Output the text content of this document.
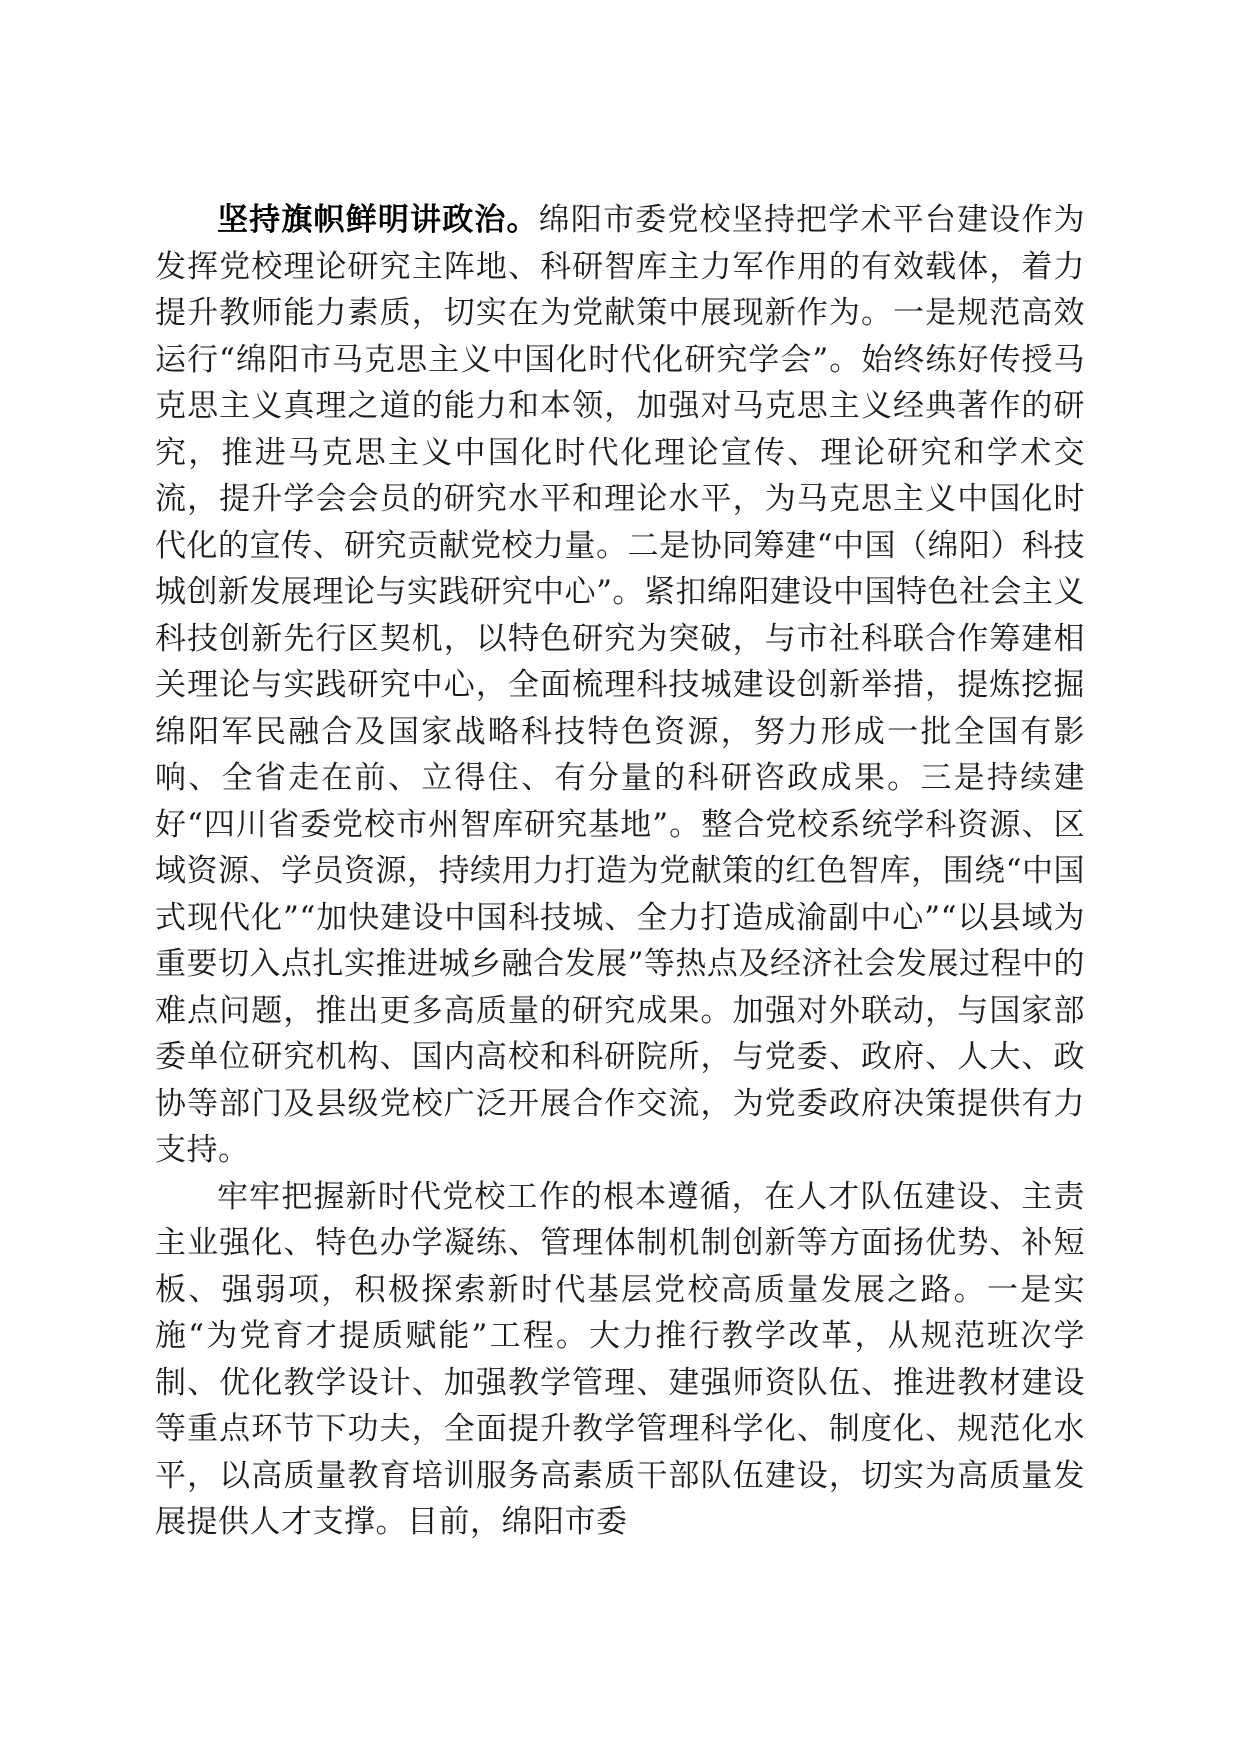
坚持旗帜鲜明讲政治。绵阳市委党校坚持把学术平台建设作为发挥党校理论研究主阵地、科研智库主力军作用的有效载体，着力提升教师能力素质，切实在为党献策中展现新作为。一是规范高效运行“绵阳市马克思主义中国化时代化研究学会”。始终练好传授马克思主义真理之道的能力和本领，加强对马克思主义经典著作的研究，推进马克思主义中国化时代化理论宣传、理论研究和学术交流，提升学会会员的研究水平和理论水平，为马克思主义中国化时代化的宣传、研究贡献党校力量。二是协同筹建“中国（绵阳）科技城创新发展理论与实践研究中心”。紧扣绵阳建设中国特色社会主义科技创新先行区契机，以特色研究为突破，与市社科联合作筹建相关理论与实践研究中心，全面梳理科技城建设创新举措，提炼挖掘绵阳军民融合及国家战略科技特色资源，努力形成一批全国有影响、全省走在前、立得住、有分量的科研咨政成果。三是持续建好“四川省委党校市州智库研究基地”。整合党校系统学科资源、区域资源、学员资源，持续用力打造为党献策的红色智库，围绕“中国式现代化”“加快建设中国科技城、全力打造成渝副中心”“以县域为重要切入点扎实推进城乡融合发展”等热点及经济社会发展过程中的难点问题，推出更多高质量的研究成果。加强对外联动，与国家部委单位研究机构、国内高校和科研院所，与党委、政府、人大、政协等部门及县级党校广泛开展合作交流，为党委政府决策提供有力支持。

牢牢把握新时代党校工作的根本遵循，在人才队伍建设、主责主业强化、特色办学凝练、管理体制机制创新等方面扬优势、补短板、强弱项，积极探索新时代基层党校高质量发展之路。一是实施“为党育才提质赋能”工程。大力推行教学改革，从规范班次学制、优化教学设计、加强教学管理、建强师资队伍、推进教材建设等重点环节下功夫，全面提升教学管理科学化、制度化、规范化水平，以高质量教育培训服务高素质干部队伍建设，切实为高质量发展提供人才支撑。目前，绵阳市委
